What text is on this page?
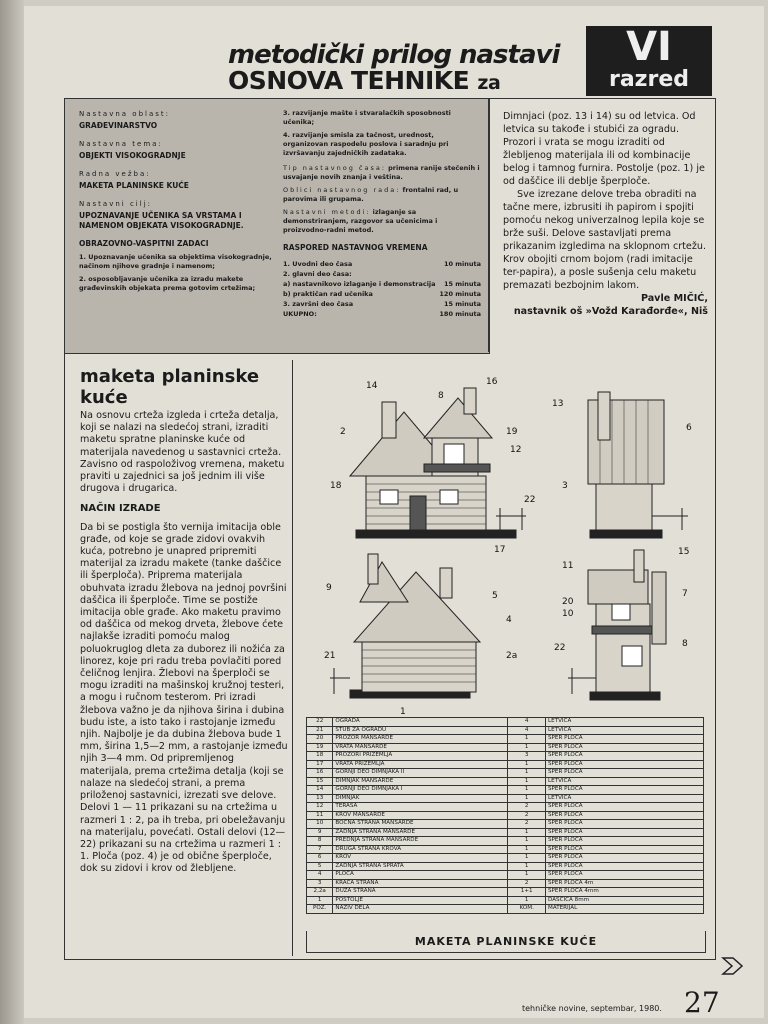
metodički prilog nastavi
OSNOVA TEHNIKE za
VI
razred
Nastavna oblast:
GRAĐEVINARSTVO
Nastavna tema:
OBJEKTI VISOKOGRADNJE
Radna vežba:
MAKETA PLANINSKE KUĆE
Nastavni cilj:
UPOZNAVANJE UČENIKA SA VRSTAMA I NAMENOM OBJEKATA VISOKOGRADNJE.
OBRAZOVNO-VASPITNI ZADACI
1. Upoznavanje učenika sa objektima visokogradnje, načinom njihove gradnje i namenom;
2. osposobljavanje učenika za izradu makete građevinskih objekata prema gotovim crtežima;
3. razvijanje mašte i stvaralačkih sposobnosti učenika;
4. razvijanje smisla za tačnost, urednost, organizovan raspodelu poslova i saradnju pri izvršavanju zajedničkih zadataka.
Tip nastavnog časa: primena ranije stečenih i usvajanje novih znanja i veština.
Oblici nastavnog rada: frontalni rad, u parovima ili grupama.
Nastavni metodi: izlaganje sa demonstriranjem, razgovor sa učenicima i proizvodno-radni metod.
RASPORED NASTAVNOG VREMENA
1. Uvodni deo časa	10 minuta
2. glavni deo časa:
a) nastavnikovo izlaganje i demonstracija 15 minuta
b) praktičan rad učenika	120 minuta
3. završni deo časa	15 minuta
UKUPNO:	180 minuta

Dimnjaci (poz. 13 i 14) su od letvica. Od letvica su takođe i stubići za ogradu. Prozori i vrata se mogu izraditi od žlebljenog materijala ili od kombinacije belog i tamnog furnira. Postolje (poz. 1) je od daščice ili deblje šperploče.

Sve izrezane delove treba obraditi na tačne mere, izbrusiti ih papirom i spojiti pomoću nekog univerzalnog lepila koje se brže suši. Delove sastavljati prema prikazanim izgledima na sklopnom crtežu.

Krov obojiti crnom bojom (radi imitacije ter-papira), a posle sušenja celu maketu premazati bezbojnim lakom.

Pavle MIČIĆ,
nastavnik oš »Vožd Karađorđe«, Niš
maketa planinske kuće

Na osnovu crteža izgleda i crteža detalja, koji se nalazi na sledećoj strani, izraditi maketu spratne planinske kuće od materijala navedenog u sastavnici crteža. Zavisno od raspoloživog vremena, maketu praviti u zajednici sa još jednim ili više drugova i drugarica.

NAČIN IZRADE

Da bi se postigla što vernija imitacija oble građe, od koje se grade zidovi ovakvih kuća, potrebno je unapred pripremiti materijal za izradu makete (tanke daščice ili šperploča). Priprema materijala obuhvata izradu žlebova na jednoj površini daščica ili šperploče. Time se postiže imitacija oble građe. Ako maketu pravimo od daščica od mekog drveta, žlebove ćete najlakše izraditi pomoću malog poluokruglog dleta za duborez ili nožića za linorez, koje pri radu treba povlačiti pored čeličnog lenjira. Žlebovi na šperploči se mogu izraditi na mašinskoj kružnoj testeri, a mogu i ručnom testerom. Pri izradi žlebova važno je da njihova širina i dubina budu iste, a isto tako i rastojanje između njih. Najbolje je da dubina žlebova bude 1 mm, širina 1,5—2 mm, a rastojanje između njih 3—4 mm. Od pripremljenog materijala, prema crtežima detalja (koji se nalaze na sledećoj strani, a prema priloženoj sastavnici, izrezati sve delove. Delovi 1 — 11 prikazani su na crtežima u razmeri 1 : 2, pa ih treba, pri obeležavanju na materijalu, povećati. Ostali delovi (12—22) prikazani su na crtežima u razmeri 1 : 1. Ploča (poz. 4) je od obične šperploče, dok su zidovi i krov od žlebljene.

14
8
16
2	19
12
18
22
17
13
6
3
9
5
4
21	2a
1
15
11
20
10
7
8
22
22	OGRADA	4	LETVICA
21	STUB ZA OGRADU	4	LETVICA
20	PROZOR MANSARDE	1	ŠPER PLOČA
19	VRATA MANSARDE	1	ŠPER PLOČA
18	PROZORI PRIZEMLJA	3	ŠPER PLOČA
17	VRATA PRIZEMLJA	1	ŠPER PLOČA
16	GORNJI DEO DIMNJAKA II	1	ŠPER PLOČA
15	DIMNJAK MANSARDE	1	LETVICA
14	GORNJI DEO DIMNJAKA I	1	ŠPER PLOČA
13	DIMNJAK	1	LETVICA
12	TERASA	2	ŠPER PLOČA
11	KROV MANSARDE	2	ŠPER PLOČA
10	BOČNA STRANA MANSARDE	2	ŠPER PLOČA
9	ZADNJA STRANA MANSARDE	1	ŠPER PLOČA
8	PREDNJA STRANA MANSARDE	1	ŠPER PLOČA
7	DRUGA STRANA KROVA	1	ŠPER PLOČA
6	KROV	1	ŠPER PLOČA
5	ZADNJA STRANA SPRATA	1	ŠPER PLOČA
4	PLOČA	1	ŠPER PLOČA
3	KRAĆA STRANA	2	ŠPER PLOČA 4m
2,2a	DUŽA STRANA	1+1	ŠPER PLOČA 4mm
1	POSTOLJE	1	DAŠČICA 8mm
POZ.	NAZIV DELA	KOM.	MATERIJAL
MAKETA PLANINSKE KUĆE
tehničke novine, septembar, 1980. 27
